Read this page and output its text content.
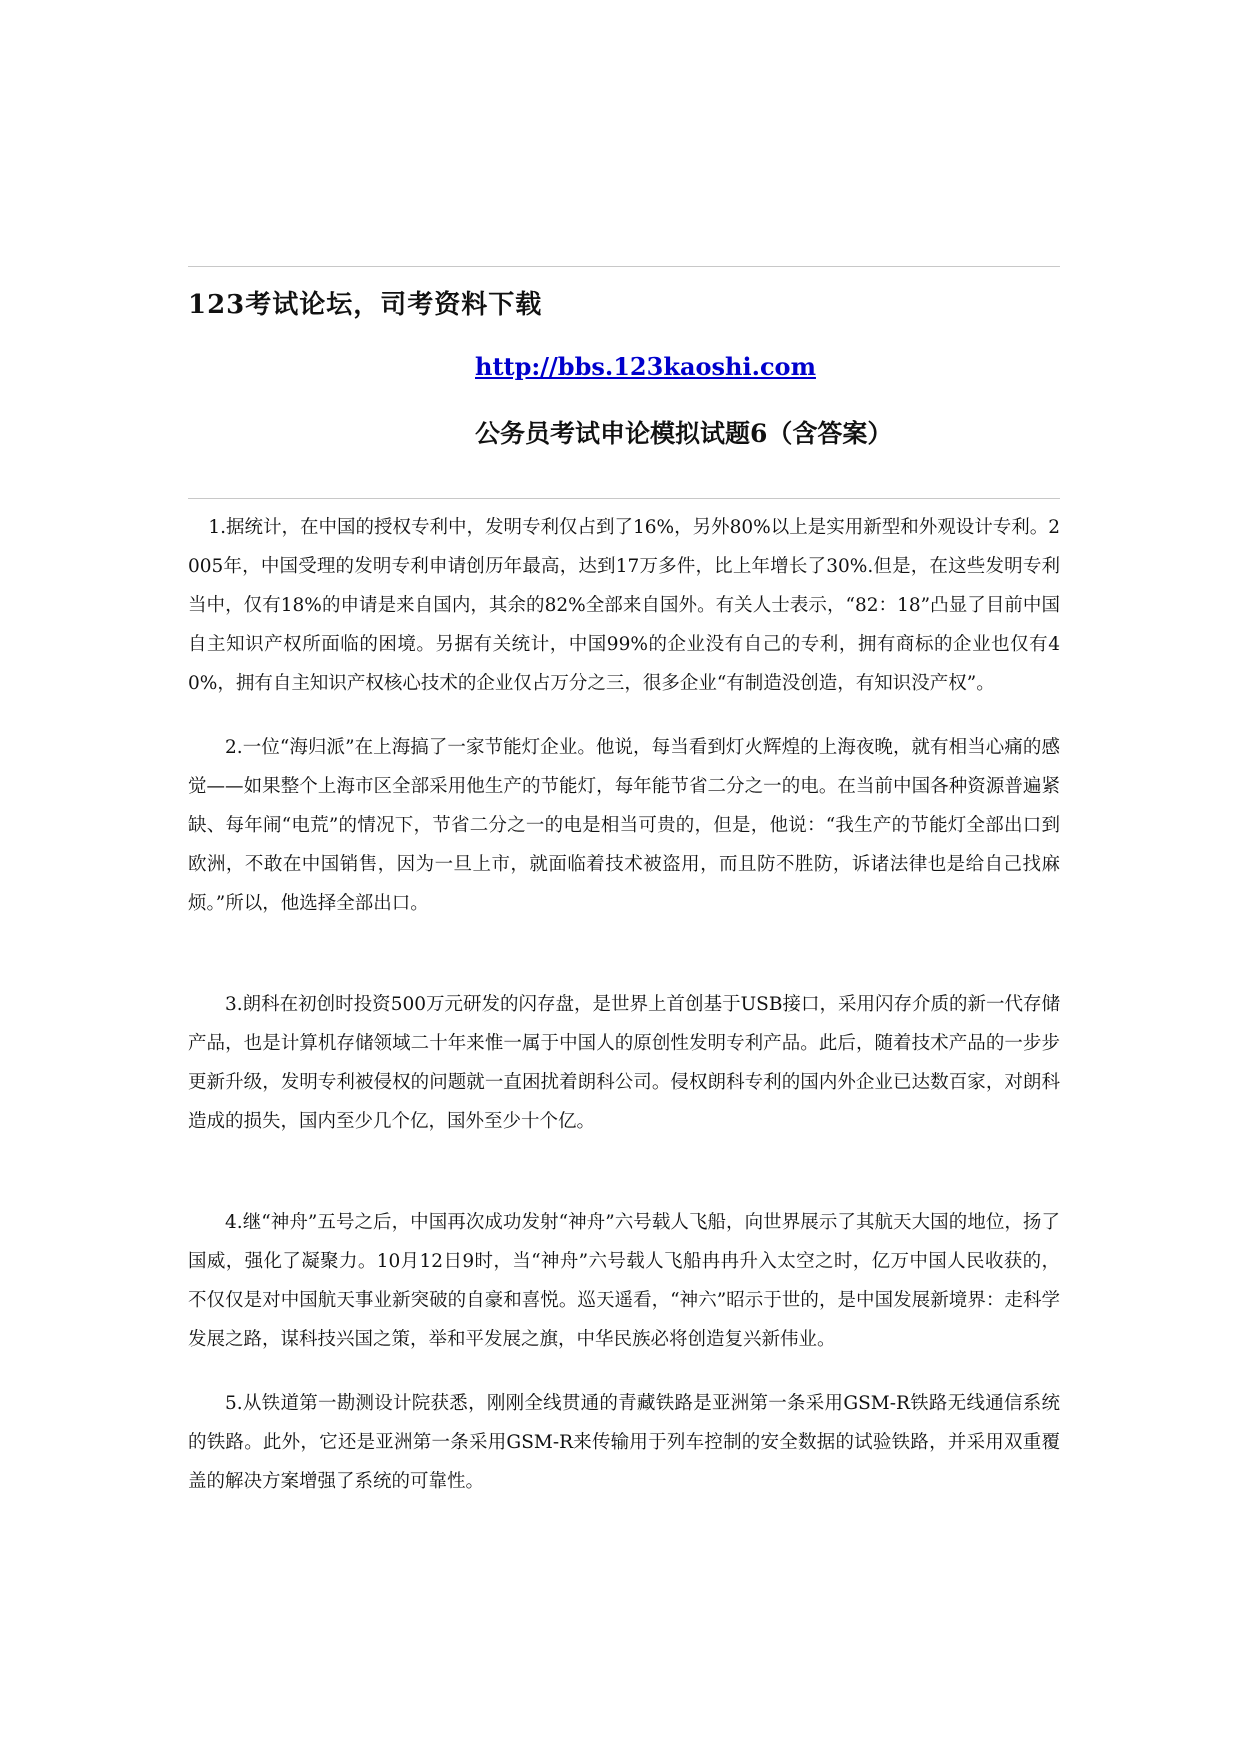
123考试论坛，司考资料下载
http://bbs.123kaoshi.com
公务员考试申论模拟试题6（含答案）

1.据统计，在中国的授权专利中，发明专利仅占到了16%，另外80%以上是实用新型和外观设计专利。2005年，中国受理的发明专利申请创历年最高，达到17万多件，比上年增长了30%.但是，在这些发明专利当中，仅有18%的申请是来自国内，其余的82%全部来自国外。有关人士表示，“82：18”凸显了目前中国自主知识产权所面临的困境。另据有关统计，中国99%的企业没有自己的专利，拥有商标的企业也仅有40%，拥有自主知识产权核心技术的企业仅占万分之三，很多企业“有制造没创造，有知识没产权”。

2.一位“海归派”在上海搞了一家节能灯企业。他说，每当看到灯火辉煌的上海夜晚，就有相当心痛的感觉——如果整个上海市区全部采用他生产的节能灯，每年能节省二分之一的电。在当前中国各种资源普遍紧缺、每年闹“电荒”的情况下，节省二分之一的电是相当可贵的，但是，他说：“我生产的节能灯全部出口到欧洲，不敢在中国销售，因为一旦上市，就面临着技术被盗用，而且防不胜防，诉诸法律也是给自己找麻烦。”所以，他选择全部出口。

3.朗科在初创时投资500万元研发的闪存盘，是世界上首创基于USB接口，采用闪存介质的新一代存储产品，也是计算机存储领域二十年来惟一属于中国人的原创性发明专利产品。此后，随着技术产品的一步步更新升级，发明专利被侵权的问题就一直困扰着朗科公司。侵权朗科专利的国内外企业已达数百家，对朗科造成的损失，国内至少几个亿，国外至少十个亿。

4.继“神舟”五号之后，中国再次成功发射“神舟”六号载人飞船，向世界展示了其航天大国的地位，扬了国威，强化了凝聚力。10月12日9时，当“神舟”六号载人飞船冉冉升入太空之时，亿万中国人民收获的，不仅仅是对中国航天事业新突破的自豪和喜悦。巡天遥看，“神六”昭示于世的，是中国发展新境界：走科学发展之路，谋科技兴国之策，举和平发展之旗，中华民族必将创造复兴新伟业。

5.从铁道第一勘测设计院获悉，刚刚全线贯通的青藏铁路是亚洲第一条采用GSM-R铁路无线通信系统的铁路。此外，它还是亚洲第一条采用GSM-R来传输用于列车控制的安全数据的试验铁路，并采用双重覆盖的解决方案增强了系统的可靠性。
